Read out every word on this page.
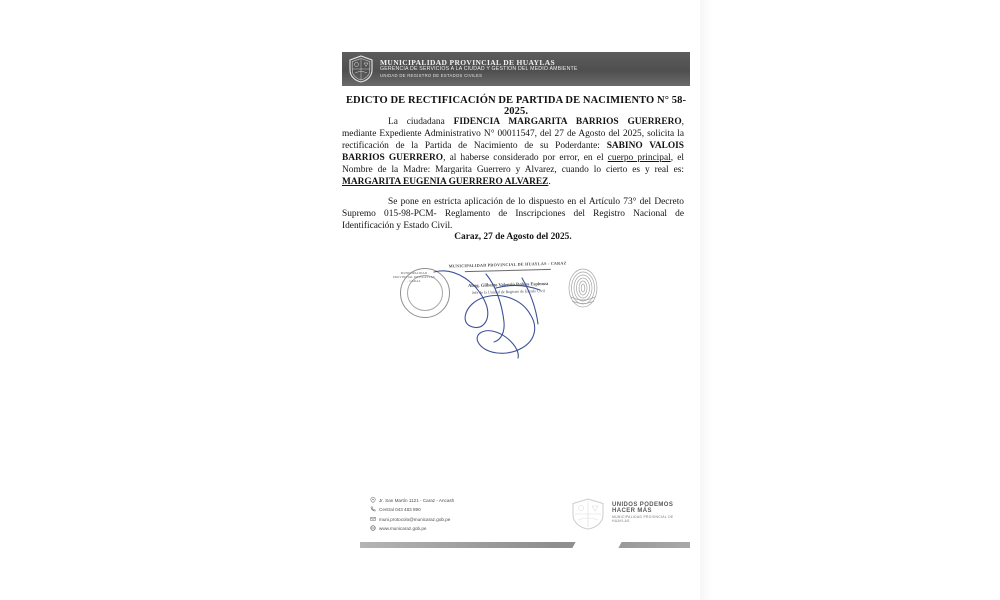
MUNICIPALIDAD PROVINCIAL DE HUAYLAS
GERENCIA DE SERVICIOS A LA CIUDAD Y GESTION DEL MEDIO AMBIENTE
UNIDAD DE REGISTRO DE ESTADOS CIVILES
EDICTO DE RECTIFICACIÓN DE PARTIDA DE NACIMIENTO N° 58-2025.
La ciudadana FIDENCIA MARGARITA BARRIOS GUERRERO, mediante Expediente Administrativo N° 00011547, del 27 de Agosto del 2025, solicita la rectificación de la Partida de Nacimiento de su Poderdante: SABINO VALOIS BARRIOS GUERRERO, al haberse considerado por error, en el cuerpo principal, el Nombre de la Madre: Margarita Guerrero y Alvarez, cuando lo cierto es y real es: MARGARITA EUGENIA GUERRERO ALVAREZ.
Se pone en estricta aplicación de lo dispuesto en el Artículo 73° del Decreto Supremo 015-98-PCM- Reglamento de Inscripciones del Registro Nacional de Identificación y Estado Civil.
Caraz, 27 de Agosto del 2025.
MUNICIPALIDAD PROVINCIAL DE HUAYLAS - CARAZ
MUNICIPALIDAD PROVINCIAL DE HUAYLAS - CARAZ
Abog. Gilberto Valentín Robles Espinoza
Jefe de la Unidad de Registro de Estado Civil
Jr. San Martín 1121 - Caraz - Ancash
Central 043 483 890
muni.protocolo@municaraz.gob.pe
www.municaraz.gob.pe
UNIDOS PODEMOS
HACER MÁS
MUNICIPALIDAD PROVINCIAL DE HUAYLAS
